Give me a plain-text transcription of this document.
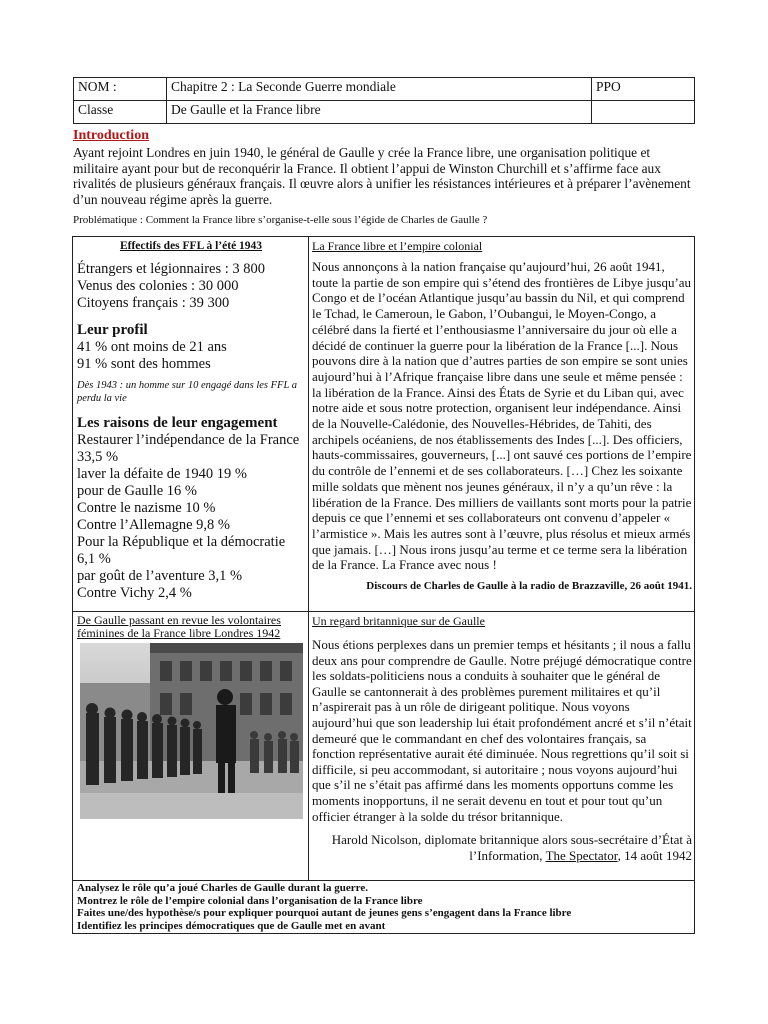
NOM :	Chapitre 2 : La Seconde Guerre mondiale	PPO
Classe	De Gaulle et la France libre	
Introduction
Ayant rejoint Londres en juin 1940, le général de Gaulle y crée la France libre, une organisation politique et militaire ayant pour but de reconquérir la France. Il obtient l’appui de Winston Churchill et s’affirme face aux rivalités de plusieurs généraux français. Il œuvre alors à unifier les résistances intérieures et à préparer l’avènement d’un nouveau régime après la guerre.
Problématique : Comment la France libre s’organise-t-elle sous l’égide de Charles de Gaulle ?
Effectifs des FFL à l’été 1943
Étrangers et légionnaires : 3 800
Venus des colonies : 30 000
Citoyens français : 39 300
Leur profil
41 % ont moins de 21 ans
91 % sont des hommes
Dès 1943 : un homme sur 10 engagé dans les FFL a perdu la vie
Les raisons de leur engagement
Restaurer l’indépendance de la France 33,5 %
laver la défaite de 1940 19 %
pour de Gaulle 16 %
Contre le nazisme 10 %
Contre l’Allemagne 9,8 %
Pour la République et la démocratie 6,1 %
par goût de l’aventure 3,1 %
Contre Vichy 2,4 %
La France libre et l’empire colonial
Nous annonçons à la nation française qu’aujourd’hui, 26 août 1941, toute la partie de son empire qui s’étend des frontières de Libye jusqu’au Congo et de l’océan Atlantique jusqu’au bassin du Nil, et qui comprend le Tchad, le Cameroun, le Gabon, l’Oubangui, le Moyen-Congo, a célébré dans la fierté et l’enthousiasme l’anniversaire du jour où elle a décidé de continuer la guerre pour la libération de la France [...]. Nous pouvons dire à la nation que d’autres parties de son empire se sont unies aujourd’hui à l’Afrique française libre dans une seule et même pensée : la libération de la France. Ainsi des États de Syrie et du Liban qui, avec notre aide et sous notre protection, organisent leur indépendance. Ainsi de la Nouvelle-Calédonie, des Nouvelles-Hébrides, de Tahiti, des archipels océaniens, de nos établissements des Indes [...]. Des officiers, hauts-commissaires, gouverneurs, [...] ont sauvé ces portions de l’empire du contrôle de l’ennemi et de ses collaborateurs. […] Chez les soixante mille soldats que mènent nos jeunes généraux, il n’y a qu’un rêve : la libération de la France. Des milliers de vaillants sont morts pour la patrie depuis ce que l’ennemi et ses collaborateurs ont convenu d’appeler « l’armistice ». Mais les autres sont à l’œuvre, plus résolus et mieux armés que jamais. […] Nous irons jusqu’au terme et ce terme sera la libération de la France. La France avec nous !
Discours de Charles de Gaulle à la radio de Brazzaville, 26 août 1941.
De Gaulle passant en revue les volontaires féminines de la France libre Londres 1942
Un regard britannique sur de Gaulle
Nous étions perplexes dans un premier temps et hésitants ; il nous a fallu deux ans pour comprendre de Gaulle. Notre préjugé démocratique contre les soldats-politiciens nous a conduits à souhaiter que le général de Gaulle se cantonnerait à des problèmes purement militaires et qu’il n’aspirerait pas à un rôle de dirigeant politique. Nous voyons aujourd’hui que son leadership lui était profondément ancré et s’il n’était demeuré que le commandant en chef des volontaires français, sa fonction représentative aurait été diminuée. Nous regrettions qu’il soit si difficile, si peu accommodant, si autoritaire ; nous voyons aujourd’hui que s’il ne s’était pas affirmé dans les moments opportuns comme les moments inopportuns, il ne serait devenu en tout et pour tout qu’un officier étranger à la solde du trésor britannique.
Harold Nicolson, diplomate britannique alors sous-secrétaire d’État à l’Information, The Spectator, 14 août 1942
Analysez le rôle qu’a joué Charles de Gaulle durant la guerre.
Montrez le rôle de l’empire colonial dans l’organisation de la France libre
Faites une/des hypothèse/s pour expliquer pourquoi autant de jeunes gens s’engagent dans la France libre
Identifiez les principes démocratiques que de Gaulle met en avant
